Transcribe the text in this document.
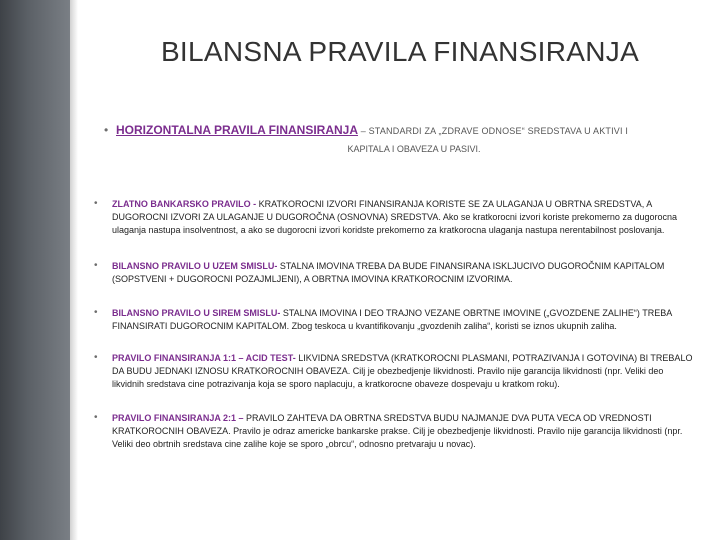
BILANSNA PRAVILA FINANSIRANJA
• HORIZONTALNA PRAVILA FINANSIRANJA – STANDARDI ZA „ZDRAVE ODNOSE“ SREDSTAVA U AKTIVI I
KAPITALA I OBAVEZA U PASIVI.
• ZLATNO BANKARSKO PRAVILO - KRATKOROCNI IZVORI FINANSIRANJA KORISTE SE ZA ULAGANJA U OBRTNA SREDSTVA, A DUGOROCNI IZVORI ZA ULAGANJE U DUGOROČNA (OSNOVNA) SREDSTVA. Ako se kratkorocni izvori koriste prekomerno za dugorocna ulaganja nastupa insolventnost, a ako se dugorocni izvori koridste prekomerno za kratkorocna ulaganja nastupa nerentabilnost poslovanja.
• BILANSNO PRAVILO U UZEM SMISLU- STALNA IMOVINA TREBA DA BUDE FINANSIRANA ISKLJUCIVO DUGOROČNIM KAPITALOM (SOPSTVENI + DUGOROCNI POZAJMLJENI), A OBRTNA IMOVINA KRATKOROCNIM IZVORIMA.
• BILANSNO PRAVILO U SIREM SMISLU- STALNA IMOVINA I DEO TRAJNO VEZANE OBRTNE IMOVINE („GVOZDENE ZALIHE“) TREBA FINANSIRATI DUGOROCNIM KAPITALOM. Zbog teskoca u kvantifikovanju „gvozdenih zaliha“, koristi se iznos ukupnih zaliha.
• PRAVILO FINANSIRANJA 1:1 – ACID TEST- LIKVIDNA SREDSTVA (KRATKOROCNI PLASMANI, POTRAZIVANJA I GOTOVINA) BI TREBALO DA BUDU JEDNAKI IZNOSU KRATKOROCNIH OBAVEZA. Cilj je obezbedjenje likvidnosti. Pravilo nije garancija likvidnosti (npr. Veliki deo likvidnih sredstava cine potrazivanja koja se sporo naplacuju, a kratkorocne obaveze dospevaju u kratkom roku).
• PRAVILO FINANSIRANJA 2:1 – PRAVILO ZAHTEVA DA OBRTNA SREDSTVA BUDU NAJMANJE DVA PUTA VECA OD VREDNOSTI KRATKOROCNIH OBAVEZA. Pravilo je odraz americke bankarske prakse. Cilj je obezbedjenje likvidnosti. Pravilo nije garancija likvidnosti (npr. Veliki deo obrtnih sredstava cine zalihe koje se sporo „obrcu“, odnosno pretvaraju u novac).
